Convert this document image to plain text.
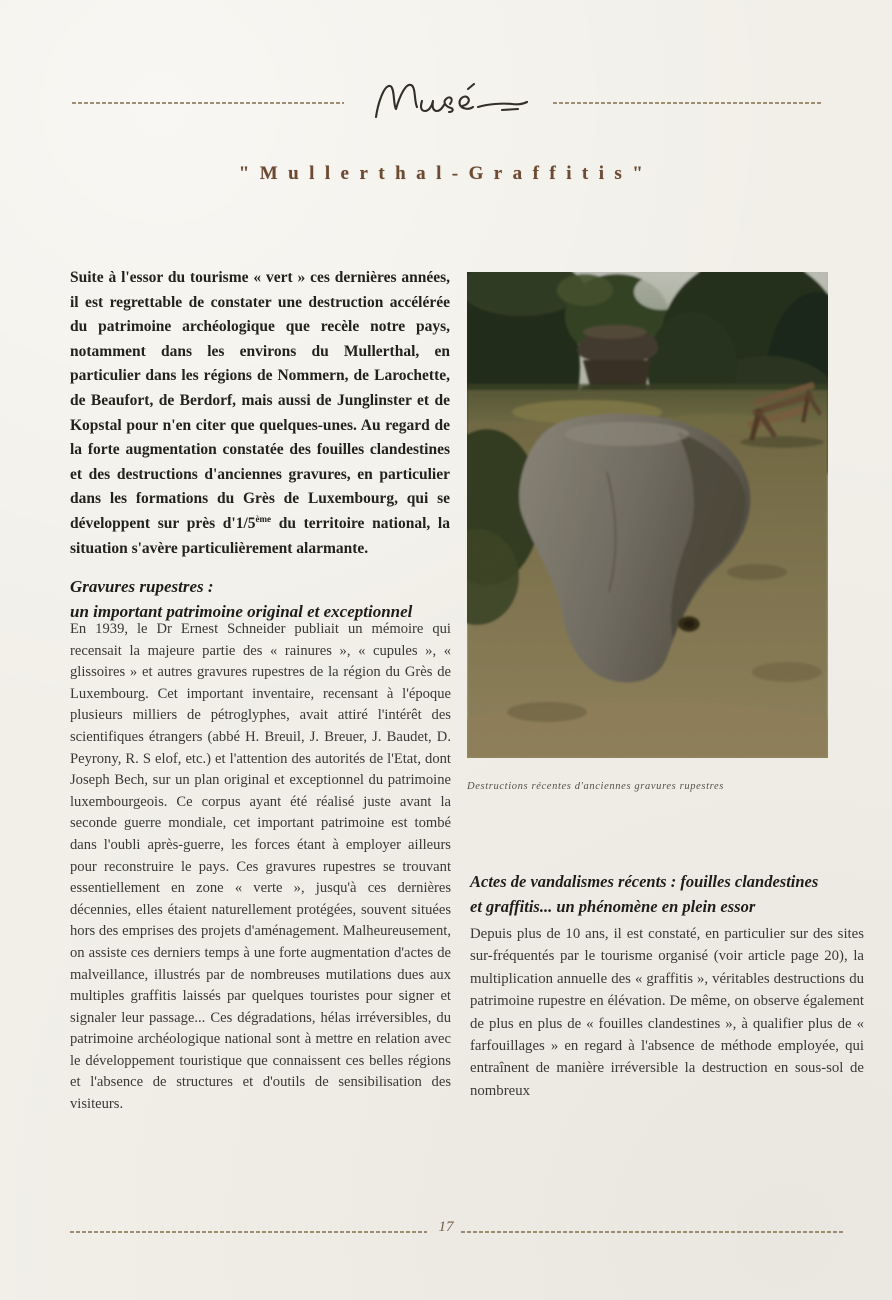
"Mullerthal-Graffitis"

Suite à l'essor du tourisme « vert » ces dernières années, il est regrettable de constater une destruction accélérée du patrimoine archéologique que recèle notre pays, notamment dans les environs du Mullerthal, en particulier dans les régions de Nommern, de Larochette, de Beaufort, de Berdorf, mais aussi de Junglinster et de Kopstal pour n'en citer que quelques-unes. Au regard de la forte augmentation constatée des fouilles clandestines et des destructions d'anciennes gravures, en particulier dans les formations du Grès de Luxembourg, qui se développent sur près d'1/5ème du territoire national, la situation s'avère particulièrement alarmante.

Gravures rupestres :
un important patrimoine original et exceptionnel

En 1939, le Dr Ernest Schneider publiait un mémoire qui recensait la majeure partie des « rainures », « cupules », « glissoires » et autres gravures rupestres de la région du Grès de Luxembourg. Cet important inventaire, recensant à l'époque plusieurs milliers de pétroglyphes, avait attiré l'intérêt des scientifiques étrangers (abbé H. Breuil, J. Breuer, J. Baudet, D. Peyrony, R. S elof, etc.) et l'attention des autorités de l'Etat, dont Joseph Bech, sur un plan original et exceptionnel du patrimoine luxembourgeois. Ce corpus ayant été réalisé juste avant la seconde guerre mondiale, cet important patrimoine est tombé dans l'oubli après-guerre, les forces étant à employer ailleurs pour reconstruire le pays. Ces gravures rupestres se trouvant essentiellement en zone « verte », jusqu'à ces dernières décennies, elles étaient naturellement protégées, souvent situées hors des emprises des projets d'aménagement. Malheureusement, on assiste ces derniers temps à une forte augmentation d'actes de malveillance, illustrés par de nombreuses mutilations dues aux multiples graffitis laissés par quelques touristes pour signer et signaler leur passage... Ces dégradations, hélas irréversibles, du patrimoine archéologique national sont à mettre en relation avec le développement touristique que connaissent ces belles régions et l'absence de structures et d'outils de sensibilisation des visiteurs.

Destructions récentes d'anciennes gravures rupestres
Actes de vandalismes récents : fouilles clandestines
et graffitis... un phénomène en plein essor

Depuis plus de 10 ans, il est constaté, en particulier sur des sites sur-fréquentés par le tourisme organisé (voir article page 20), la multiplication annuelle des « graffitis », véritables destructions du patrimoine rupestre en élévation. De même, on observe également de plus en plus de « fouilles clandestines », à qualifier plus de « farfouillages » en regard à l'absence de méthode employée, qui entraînent de manière irréversible la destruction en sous-sol de nombreux

17
